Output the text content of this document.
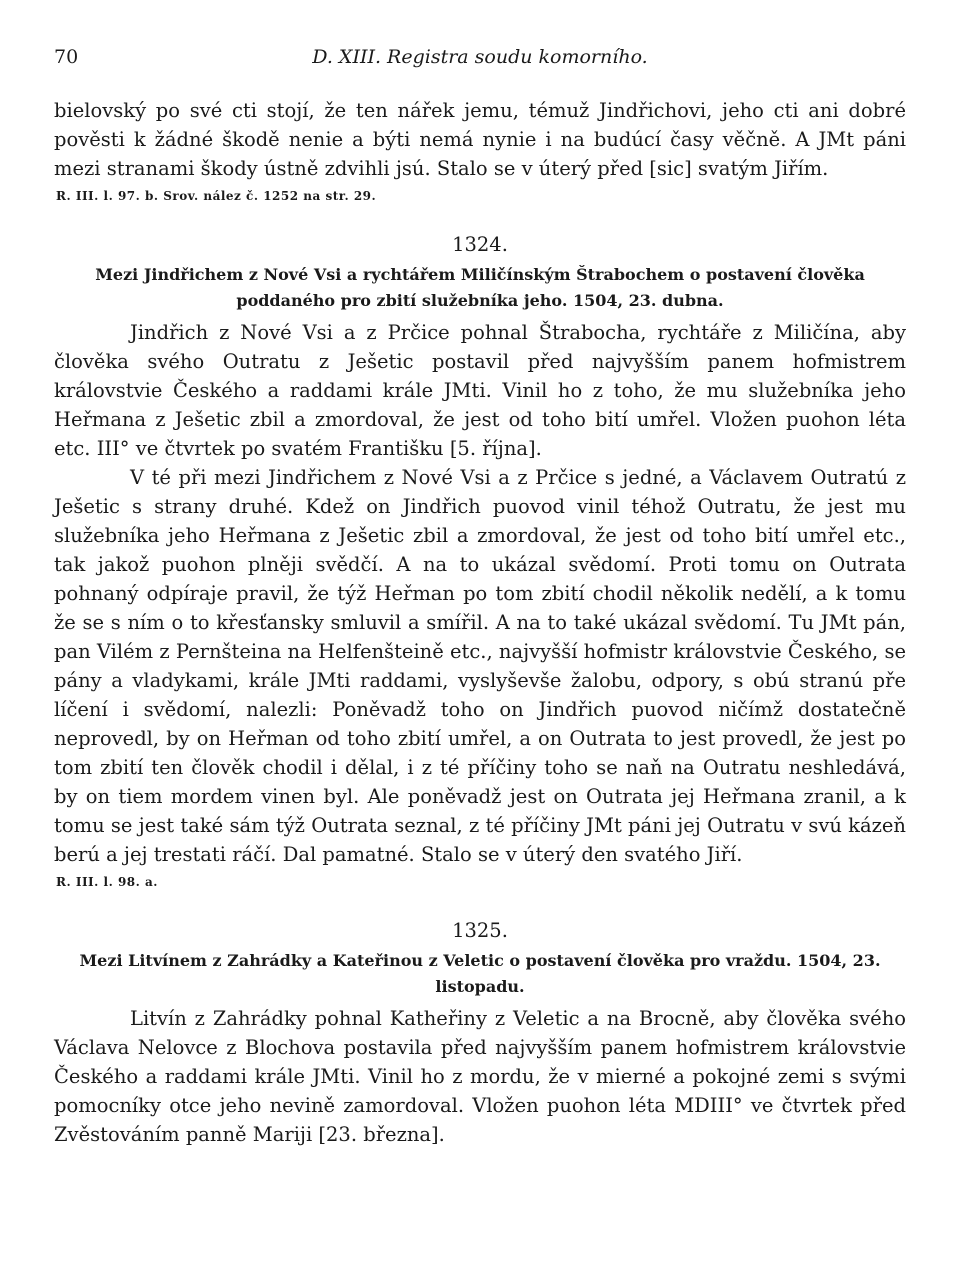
70	D. XIII. Registra soudu komorního.

bielovský po své cti stojí, že ten nářek jemu, témuž Jindřichovi, jeho cti ani dobré pověsti k žádné škodě nenie a býti nemá nynie i na budúcí časy věčně. A JMt páni mezi stranami škody ústně zdvihli jsú. Stalo se v úterý před [sic] svatým Jiřím.

R. III. l. 97. b. Srov. nález č. 1252 na str. 29.

1324.
Mezi Jindřichem z Nové Vsi a rychtářem Miličínským Štrabochem o postavení člověka poddaného pro zbití služebníka jeho. 1504, 23. dubna.

Jindřich z Nové Vsi a z Prčice pohnal Štrabocha, rychtáře z Miličína, aby člověka svého Outratu z Ješetic postavil před najvyšším panem hofmistrem královstvie Českého a raddami krále JMti. Vinil ho z toho, že mu služebníka jeho Heřmana z Ješetic zbil a zmordoval, že jest od toho bití umřel. Vložen puohon léta etc. III° ve čtvrtek po svatém Františku [5. října].

V té při mezi Jindřichem z Nové Vsi a z Prčice s jedné, a Václavem Outratú z Ješetic s strany druhé. Kdež on Jindřich puovod vinil téhož Outratu, že jest mu služebníka jeho Heřmana z Ješetic zbil a zmordoval, že jest od toho bití umřel etc., tak jakož puohon plněji svědčí. A na to ukázal svědomí. Proti tomu on Outrata pohnaný odpíraje pravil, že týž Heřman po tom zbití chodil několik nedělí, a k tomu že se s ním o to křesťansky smluvil a smířil. A na to také ukázal svědomí. Tu JMt pán, pan Vilém z Pernšteina na Helfenšteině etc., najvyšší hofmistr královstvie Českého, se pány a vladykami, krále JMti raddami, vyslyševše žalobu, odpory, s obú stranú pře líčení i svědomí, nalezli: Poněvadž toho on Jindřich puovod ničímž dostatečně neprovedl, by on Heřman od toho zbití umřel, a on Outrata to jest provedl, že jest po tom zbití ten člověk chodil i dělal, i z té příčiny toho se naň na Outratu neshledává, by on tiem mordem vinen byl. Ale poněvadž jest on Outrata jej Heřmana zranil, a k tomu se jest také sám týž Outrata seznal, z té příčiny JMt páni jej Outratu v svú kázeň berú a jej trestati ráčí. Dal pamatné. Stalo se v úterý den svatého Jiří.

R. III. l. 98. a.

1325.
Mezi Litvínem z Zahrádky a Kateřinou z Veletic o postavení člověka pro vraždu. 1504, 23. listopadu.

Litvín z Zahrádky pohnal Katheřiny z Veletic a na Brocně, aby člověka svého Václava Nelovce z Blochova postavila před najvyšším panem hofmistrem královstvie Českého a raddami krále JMti. Vinil ho z mordu, že v mierné a pokojné zemi s svými pomocníky otce jeho nevině zamordoval. Vložen puohon léta MDIII° ve čtvrtek před Zvěstováním panně Mariji [23. března].
